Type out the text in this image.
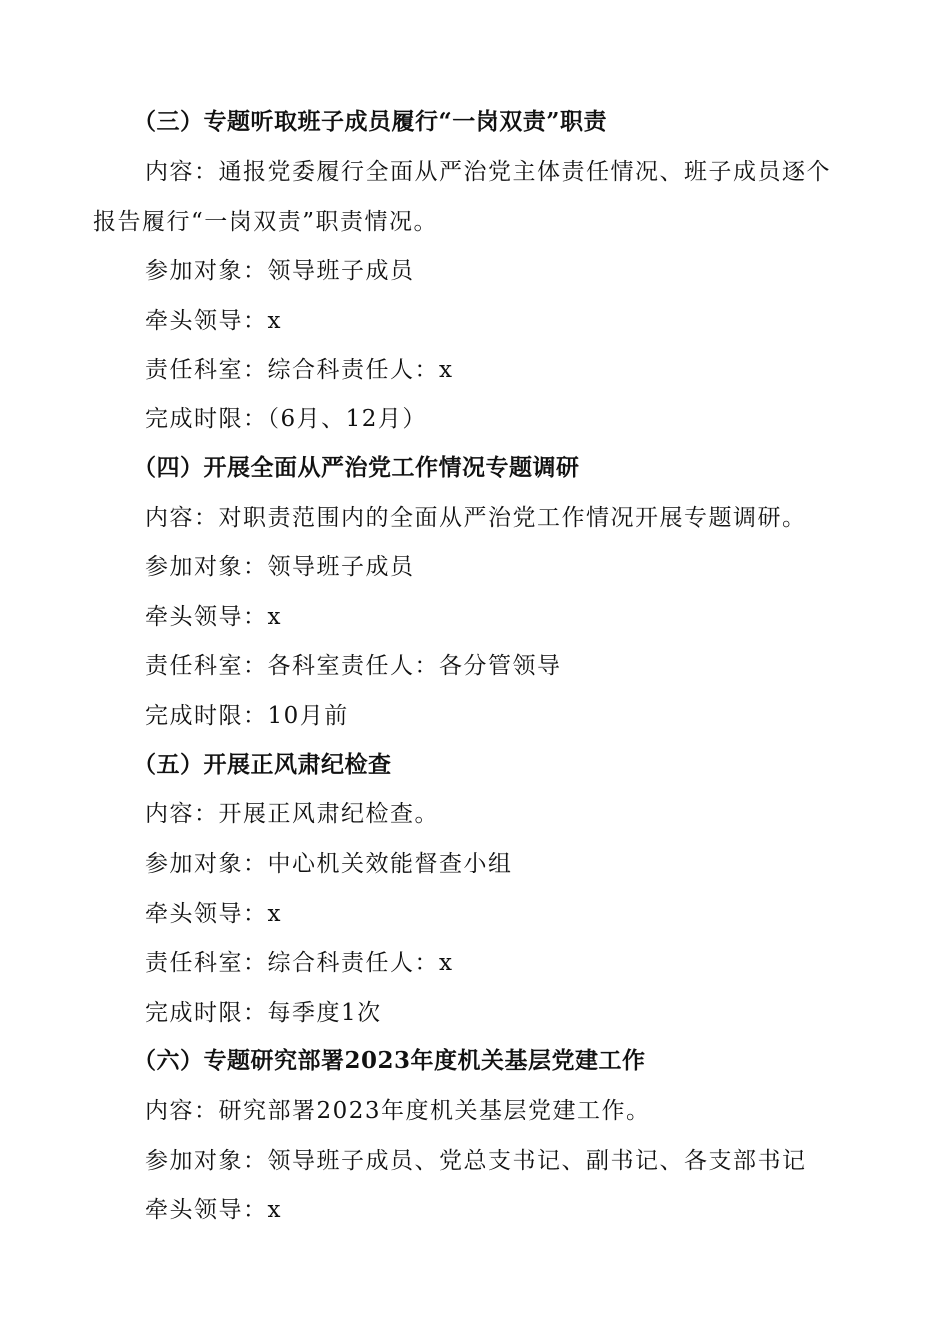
（三）专题听取班子成员履行“一岗双责”职责
内容：通报党委履行全面从严治党主体责任情况、班子成员逐个
报告履行“一岗双责”职责情况。
参加对象：领导班子成员
牵头领导：x
责任科室：综合科责任人：x
完成时限：（6月、12月）
（四）开展全面从严治党工作情况专题调研
内容：对职责范围内的全面从严治党工作情况开展专题调研。
参加对象：领导班子成员
牵头领导：x
责任科室：各科室责任人：各分管领导
完成时限：10月前
（五）开展正风肃纪检查
内容：开展正风肃纪检查。
参加对象：中心机关效能督查小组
牵头领导：x
责任科室：综合科责任人：x
完成时限：每季度1次
（六）专题研究部署2023年度机关基层党建工作
内容：研究部署2023年度机关基层党建工作。
参加对象：领导班子成员、党总支书记、副书记、各支部书记
牵头领导：x
